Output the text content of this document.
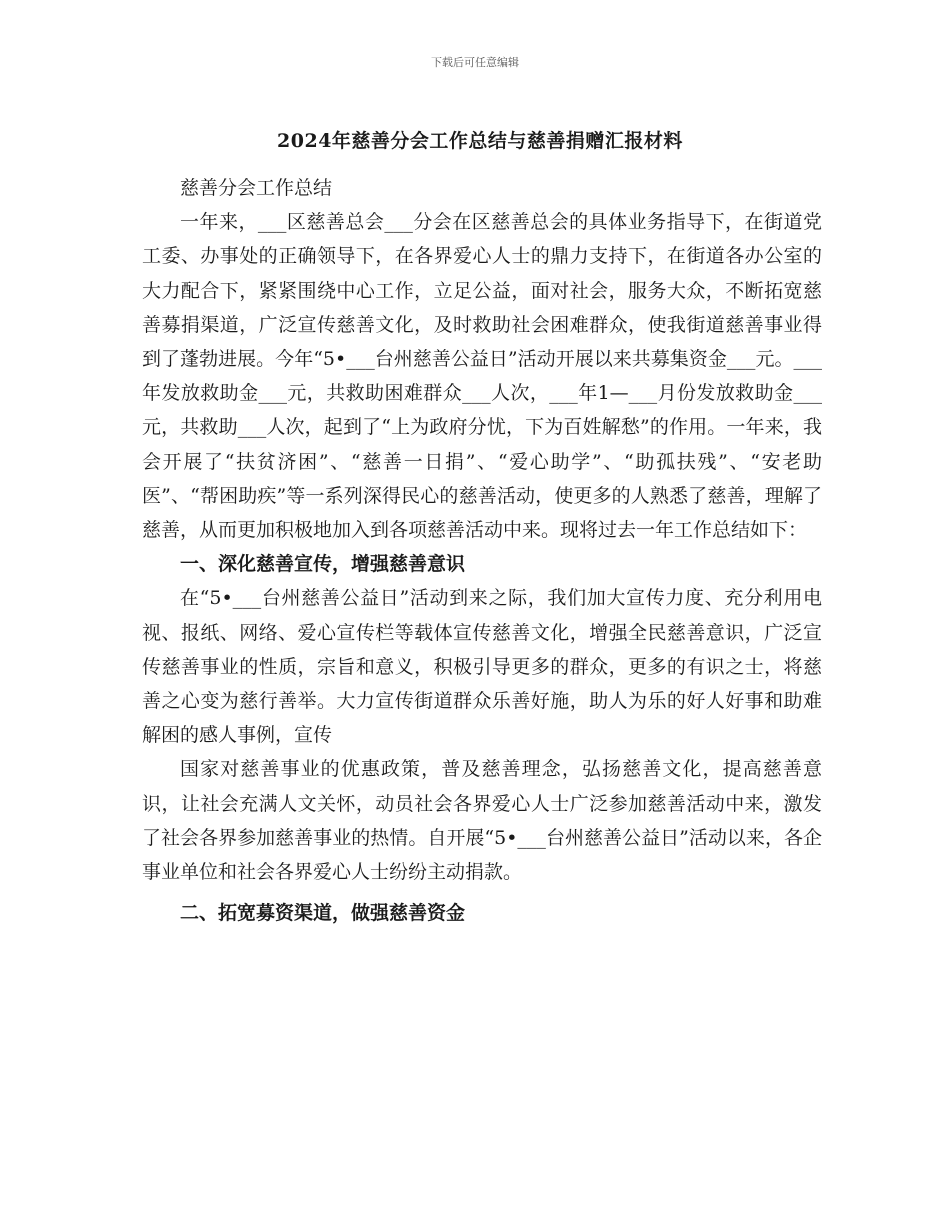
下载后可任意编辑
2024年慈善分会工作总结与慈善捐赠汇报材料

慈善分会工作总结

一年来，___区慈善总会___分会在区慈善总会的具体业务指导下，在街道党工委、办事处的正确领导下，在各界爱心人士的鼎力支持下，在街道各办公室的大力配合下，紧紧围绕中心工作，立足公益，面对社会，服务大众，不断拓宽慈善募捐渠道，广泛宣传慈善文化，及时救助社会困难群众，使我街道慈善事业得到了蓬勃进展。今年“5•___台州慈善公益日”活动开展以来共募集资金___元。___年发放救助金___元，共救助困难群众___人次，___年1—___月份发放救助金___元，共救助___人次，起到了“上为政府分忧，下为百姓解愁”的作用。一年来，我会开展了“扶贫济困”、“慈善一日捐”、“爱心助学”、“助孤扶残”、“安老助医”、“帮困助疾”等一系列深得民心的慈善活动，使更多的人熟悉了慈善，理解了慈善，从而更加积极地加入到各项慈善活动中来。现将过去一年工作总结如下：

一、深化慈善宣传，增强慈善意识

在“5•___台州慈善公益日”活动到来之际，我们加大宣传力度、充分利用电视、报纸、网络、爱心宣传栏等载体宣传慈善文化，增强全民慈善意识，广泛宣传慈善事业的性质，宗旨和意义，积极引导更多的群众，更多的有识之士，将慈善之心变为慈行善举。大力宣传街道群众乐善好施，助人为乐的好人好事和助难解困的感人事例，宣传

国家对慈善事业的优惠政策，普及慈善理念，弘扬慈善文化，提高慈善意识，让社会充满人文关怀，动员社会各界爱心人士广泛参加慈善活动中来，激发了社会各界参加慈善事业的热情。自开展“5•___台州慈善公益日”活动以来，各企事业单位和社会各界爱心人士纷纷主动捐款。

二、拓宽募资渠道，做强慈善资金
